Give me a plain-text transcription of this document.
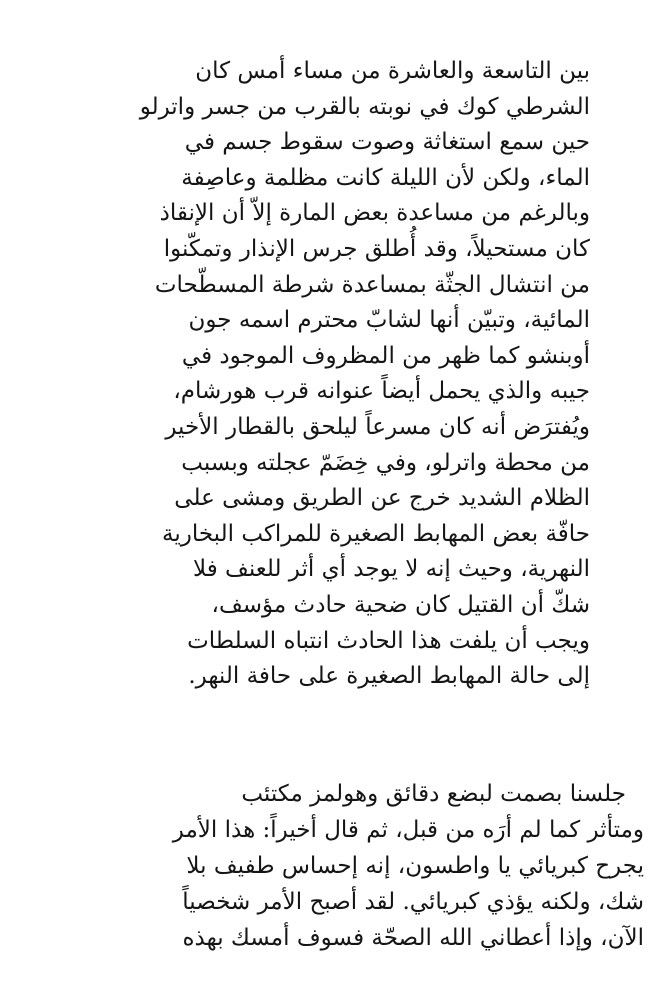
بين التاسعة والعاشرة من مساء أمس كان
الشرطي كوك في نوبته بالقرب من جسر واترلو
حين سمع استغاثة وصوت سقوط جسم في
الماء، ولكن لأن الليلة كانت مظلمة وعاصِفة
وبالرغم من مساعدة بعض المارة إلاّ أن الإنقاذ
كان مستحيلاً، وقد أُطلق جرس الإنذار وتمكّنوا
من انتشال الجثّة بمساعدة شرطة المسطّحات
المائية، وتبيّن أنها لشابّ محترم اسمه جون
أوبنشو كما ظهر من المظروف الموجود في
جيبه والذي يحمل أيضاً عنوانه قرب هورشام،
ويُفترَض أنه كان مسرعاً ليلحق بالقطار الأخير
من محطة واترلو، وفي خِضَمّ عجلته وبسبب
الظلام الشديد خرج عن الطريق ومشى على
حافّة بعض المهابط الصغيرة للمراكب البخارية
النهرية، وحيث إنه لا يوجد أي أثر للعنف فلا
شكّ أن القتيل كان ضحية حادث مؤسف،
ويجب أن يلفت هذا الحادث انتباه السلطات
إلى حالة المهابط الصغيرة على حافة النهر.
جلسنا بصمت لبضع دقائق وهولمز مكتئب
ومتأثر كما لم أرَه من قبل، ثم قال أخيراً: هذا الأمر
يجرح كبريائي يا واطسون، إنه إحساس طفيف بلا
شك، ولكنه يؤذي كبريائي. لقد أصبح الأمر شخصياً
الآن، وإذا أعطاني الله الصحّة فسوف أمسك بهذه
